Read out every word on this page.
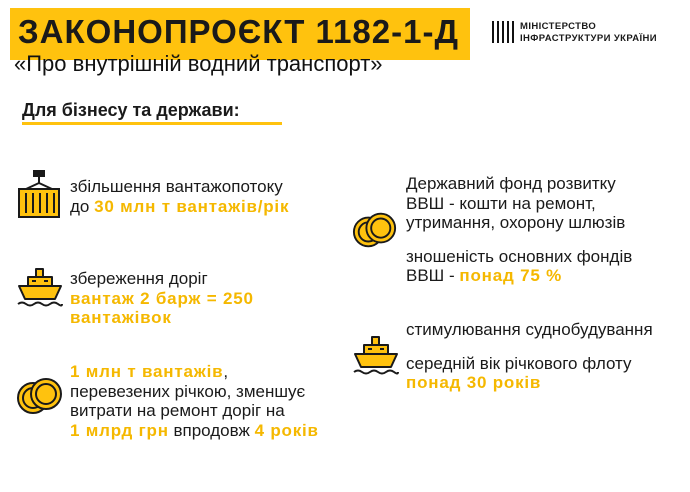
ЗАКОНОПРОЄКТ 1182-1-Д
«Про внутрішній водний транспорт»
МІНІСТЕРСТВО
ІНФРАСТРУКТУРИ УКРАЇНИ
Для бізнесу та держави:
збільшення вантажопотоку
до 30 млн т вантажів/рік
збереження доріг
вантаж 2 барж = 250
вантажівок
1 млн т вантажів,
перевезених річкою, зменшує
витрати на ремонт доріг на
1 млрд грн впродовж 4 років
Державний фонд розвитку
ВВШ - кошти на ремонт,
утримання, охорону шлюзів
зношеність основних фондів
ВВШ - понад 75 %
стимулювання суднобудування
середній вік річкового флоту
понад 30 років
